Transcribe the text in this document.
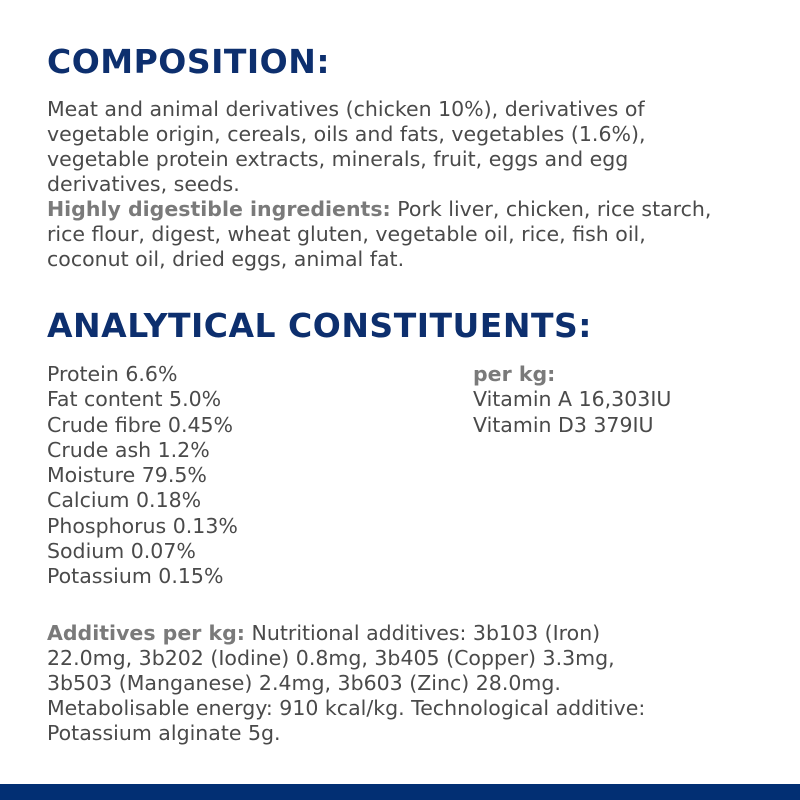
COMPOSITION:

Meat and animal derivatives (chicken 10%), derivatives of
vegetable origin, cereals, oils and fats, vegetables (1.6%),
vegetable protein extracts, minerals, fruit, eggs and egg
derivatives, seeds.
Highly digestible ingredients: Pork liver, chicken, rice starch,
rice flour, digest, wheat gluten, vegetable oil, rice, fish oil,
coconut oil, dried eggs, animal fat.

ANALYTICAL CONSTITUENTS:
Protein 6.6%
Fat content 5.0%
Crude fibre 0.45%
Crude ash 1.2%
Moisture 79.5%
Calcium 0.18%
Phosphorus 0.13%
Sodium 0.07%
Potassium 0.15%
per kg:
Vitamin A 16,303IU
Vitamin D3 379IU

Additives per kg: Nutritional additives: 3b103 (Iron)
22.0mg, 3b202 (Iodine) 0.8mg, 3b405 (Copper) 3.3mg,
3b503 (Manganese) 2.4mg, 3b603 (Zinc) 28.0mg.
Metabolisable energy: 910 kcal/kg. Technological additive:
Potassium alginate 5g.
